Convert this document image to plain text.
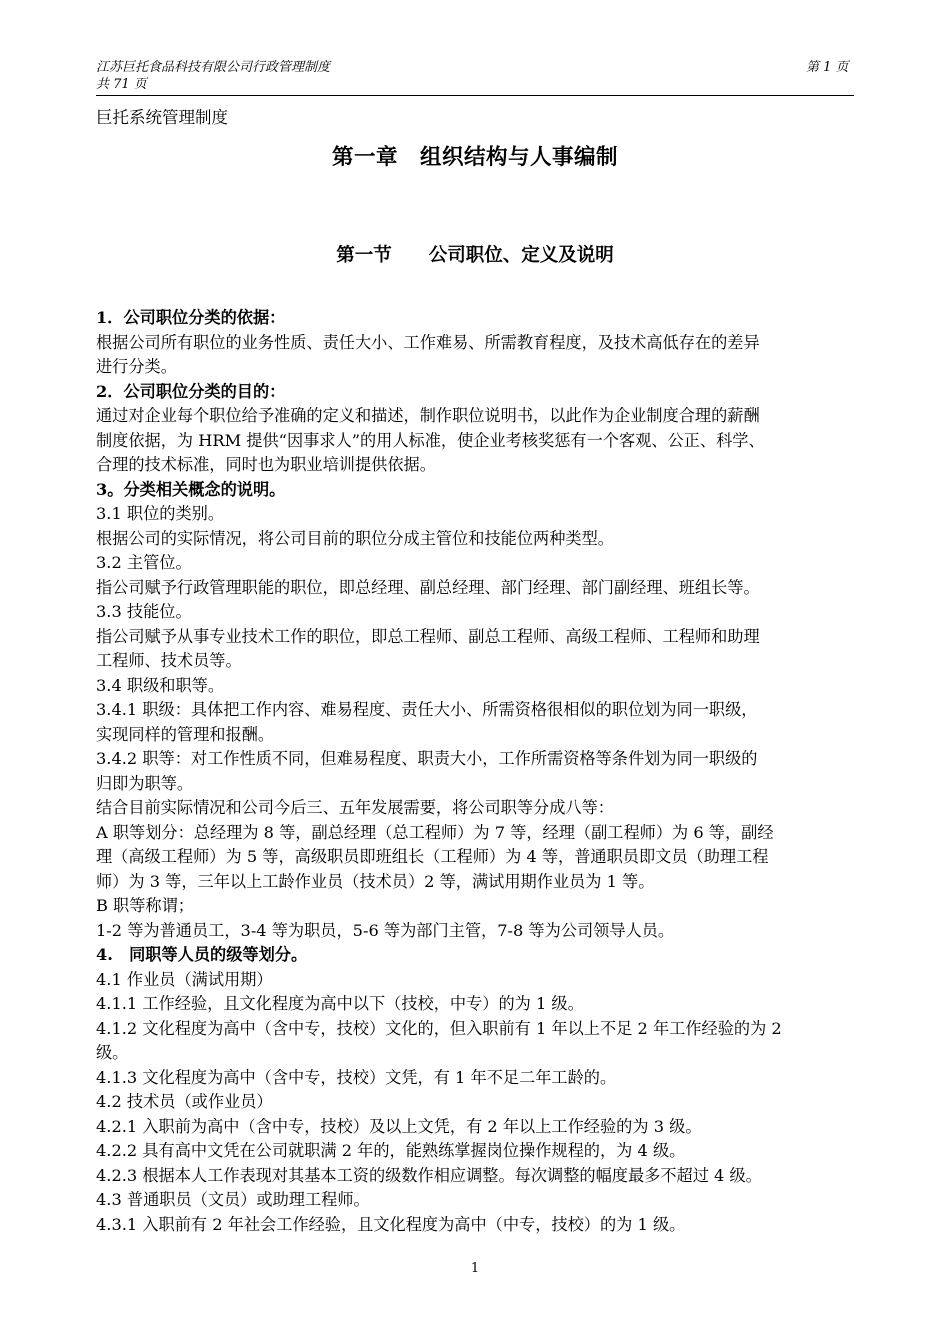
江苏巨托食品科技有限公司行政管理制度	第 1 页
共 71 页
巨托系统管理制度
第一章　组织结构与人事编制
第一节　　公司职位、定义及说明
1．公司职位分类的依据：
根据公司所有职位的业务性质、责任大小、工作难易、所需教育程度，及技术高低存在的差异
进行分类。
2．公司职位分类的目的：
通过对企业每个职位给予准确的定义和描述，制作职位说明书，以此作为企业制度合理的薪酬
制度依据，为 HRM 提供“因事求人”的用人标准，使企业考核奖惩有一个客观、公正、科学、
合理的技术标准，同时也为职业培训提供依据。
3。分类相关概念的说明。
3.1 职位的类别。
根据公司的实际情况，将公司目前的职位分成主管位和技能位两种类型。
3.2 主管位。
指公司赋予行政管理职能的职位，即总经理、副总经理、部门经理、部门副经理、班组长等。
3.3 技能位。
指公司赋予从事专业技术工作的职位，即总工程师、副总工程师、高级工程师、工程师和助理
工程师、技术员等。
3.4 职级和职等。
3.4.1 职级：具体把工作内容、难易程度、责任大小、所需资格很相似的职位划为同一职级，
实现同样的管理和报酬。
3.4.2 职等：对工作性质不同，但难易程度、职责大小，工作所需资格等条件划为同一职级的
归即为职等。
结合目前实际情况和公司今后三、五年发展需要，将公司职等分成八等：
A 职等划分：总经理为 8 等，副总经理（总工程师）为 7 等，经理（副工程师）为 6 等，副经
理（高级工程师）为 5 等，高级职员即班组长（工程师）为 4 等，普通职员即文员（助理工程
师）为 3 等，三年以上工龄作业员（技术员）2 等，满试用期作业员为 1 等。
B 职等称谓；
1-2 等为普通员工，3-4 等为职员，5-6 等为部门主管，7-8 等为公司领导人员。
4.　同职等人员的级等划分。
4.1 作业员（满试用期）
4.1.1 工作经验，且文化程度为高中以下（技校，中专）的为 1 级。
4.1.2 文化程度为高中（含中专，技校）文化的，但入职前有 1 年以上不足 2 年工作经验的为 2
级。
4.1.3 文化程度为高中（含中专，技校）文凭，有 1 年不足二年工龄的。
4.2 技术员（或作业员）
4.2.1 入职前为高中（含中专，技校）及以上文凭，有 2 年以上工作经验的为 3 级。
4.2.2 具有高中文凭在公司就职满 2 年的，能熟练掌握岗位操作规程的，为 4 级。
4.2.3 根据本人工作表现对其基本工资的级数作相应调整。每次调整的幅度最多不超过 4 级。
4.3 普通职员（文员）或助理工程师。
4.3.1 入职前有 2 年社会工作经验，且文化程度为高中（中专，技校）的为 1 级。
1
